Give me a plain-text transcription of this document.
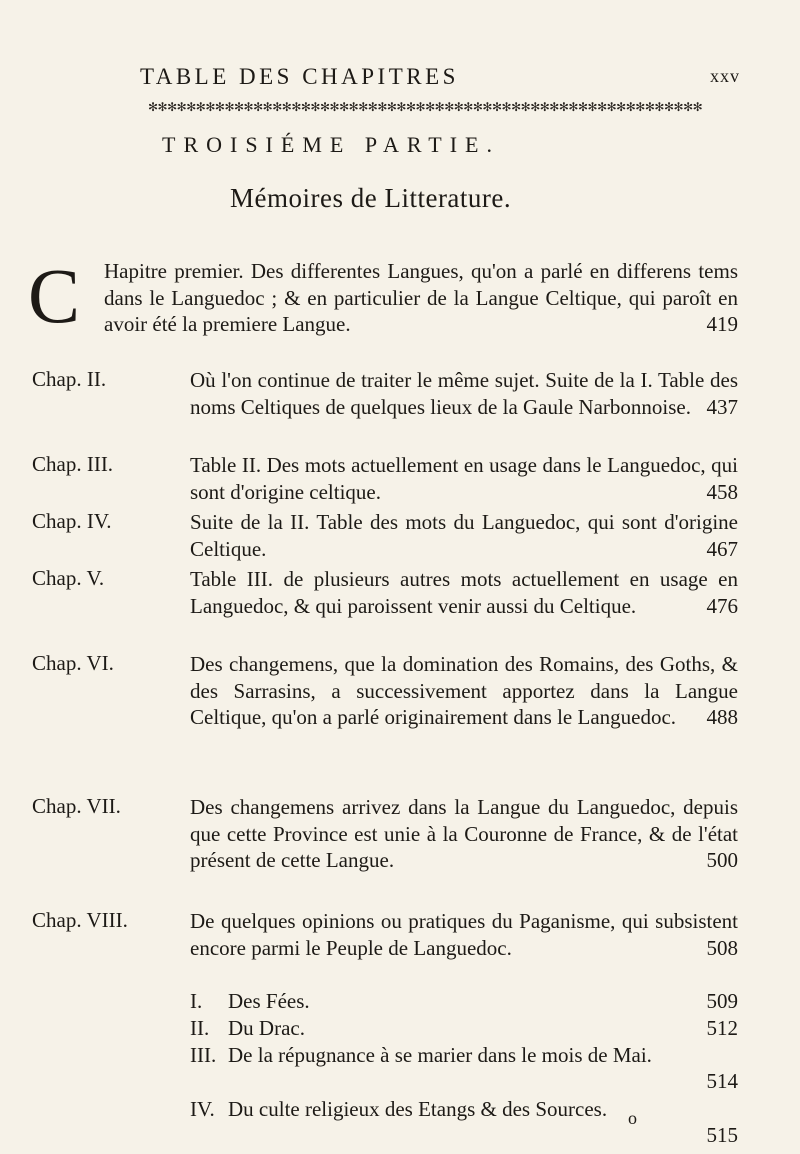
TABLE DES CHAPITRES	xxv
✻✻✻✻✻✻✻✻✻✻✻✻✻✻✻✻✻✻✻✻✻✻✻✻✻✻✻✻✻✻✻✻✻✻✻✻✻✻✻✻✻✻✻✻✻✻✻✻✻✻✻✻✻✻✻✻✻✻
TROISIÉME PARTIE.
Mémoires de Litterature.
C Hapitre premier. Des differentes Langues, qu'on a parlé en differens tems dans le Languedoc ; & en particulier de la Langue Celtique, qui paroît en avoir été la premiere Langue.	419
Chap. II.	Où l'on continue de traiter le même sujet. Suite de la I. Table des noms Celtiques de quelques lieux de la Gaule Narbonnoise. 437
Chap. III.	Table II. Des mots actuellement en usage dans le Languedoc, qui sont d'origine celtique.	458
Chap. IV.	Suite de la II. Table des mots du Languedoc, qui sont d'origine Celtique.	467
Chap. V.	Table III. de plusieurs autres mots actuellement en usage en Languedoc, & qui paroissent venir aussi du Celtique.	476
Chap. VI.	Des changemens, que la domination des Romains, des Goths, & des Sarrasins, a successivement apportez dans la Langue Celtique, qu'on a parlé originairement dans le Languedoc. 488
Chap. VII.	Des changemens arrivez dans la Langue du Languedoc, depuis que cette Province est unie à la Couronne de France, & de l'état présent de cette Langue.	500
Chap. VIII.	De quelques opinions ou pratiques du Paganisme, qui subsistent encore parmi le Peuple de Languedoc.	508
I. Des Fées.	509
II. Du Drac.	512
III. De la répugnance à se marier dans le mois de Mai.
514
IV. Du culte religieux des Etangs & des Sources.
515
o
